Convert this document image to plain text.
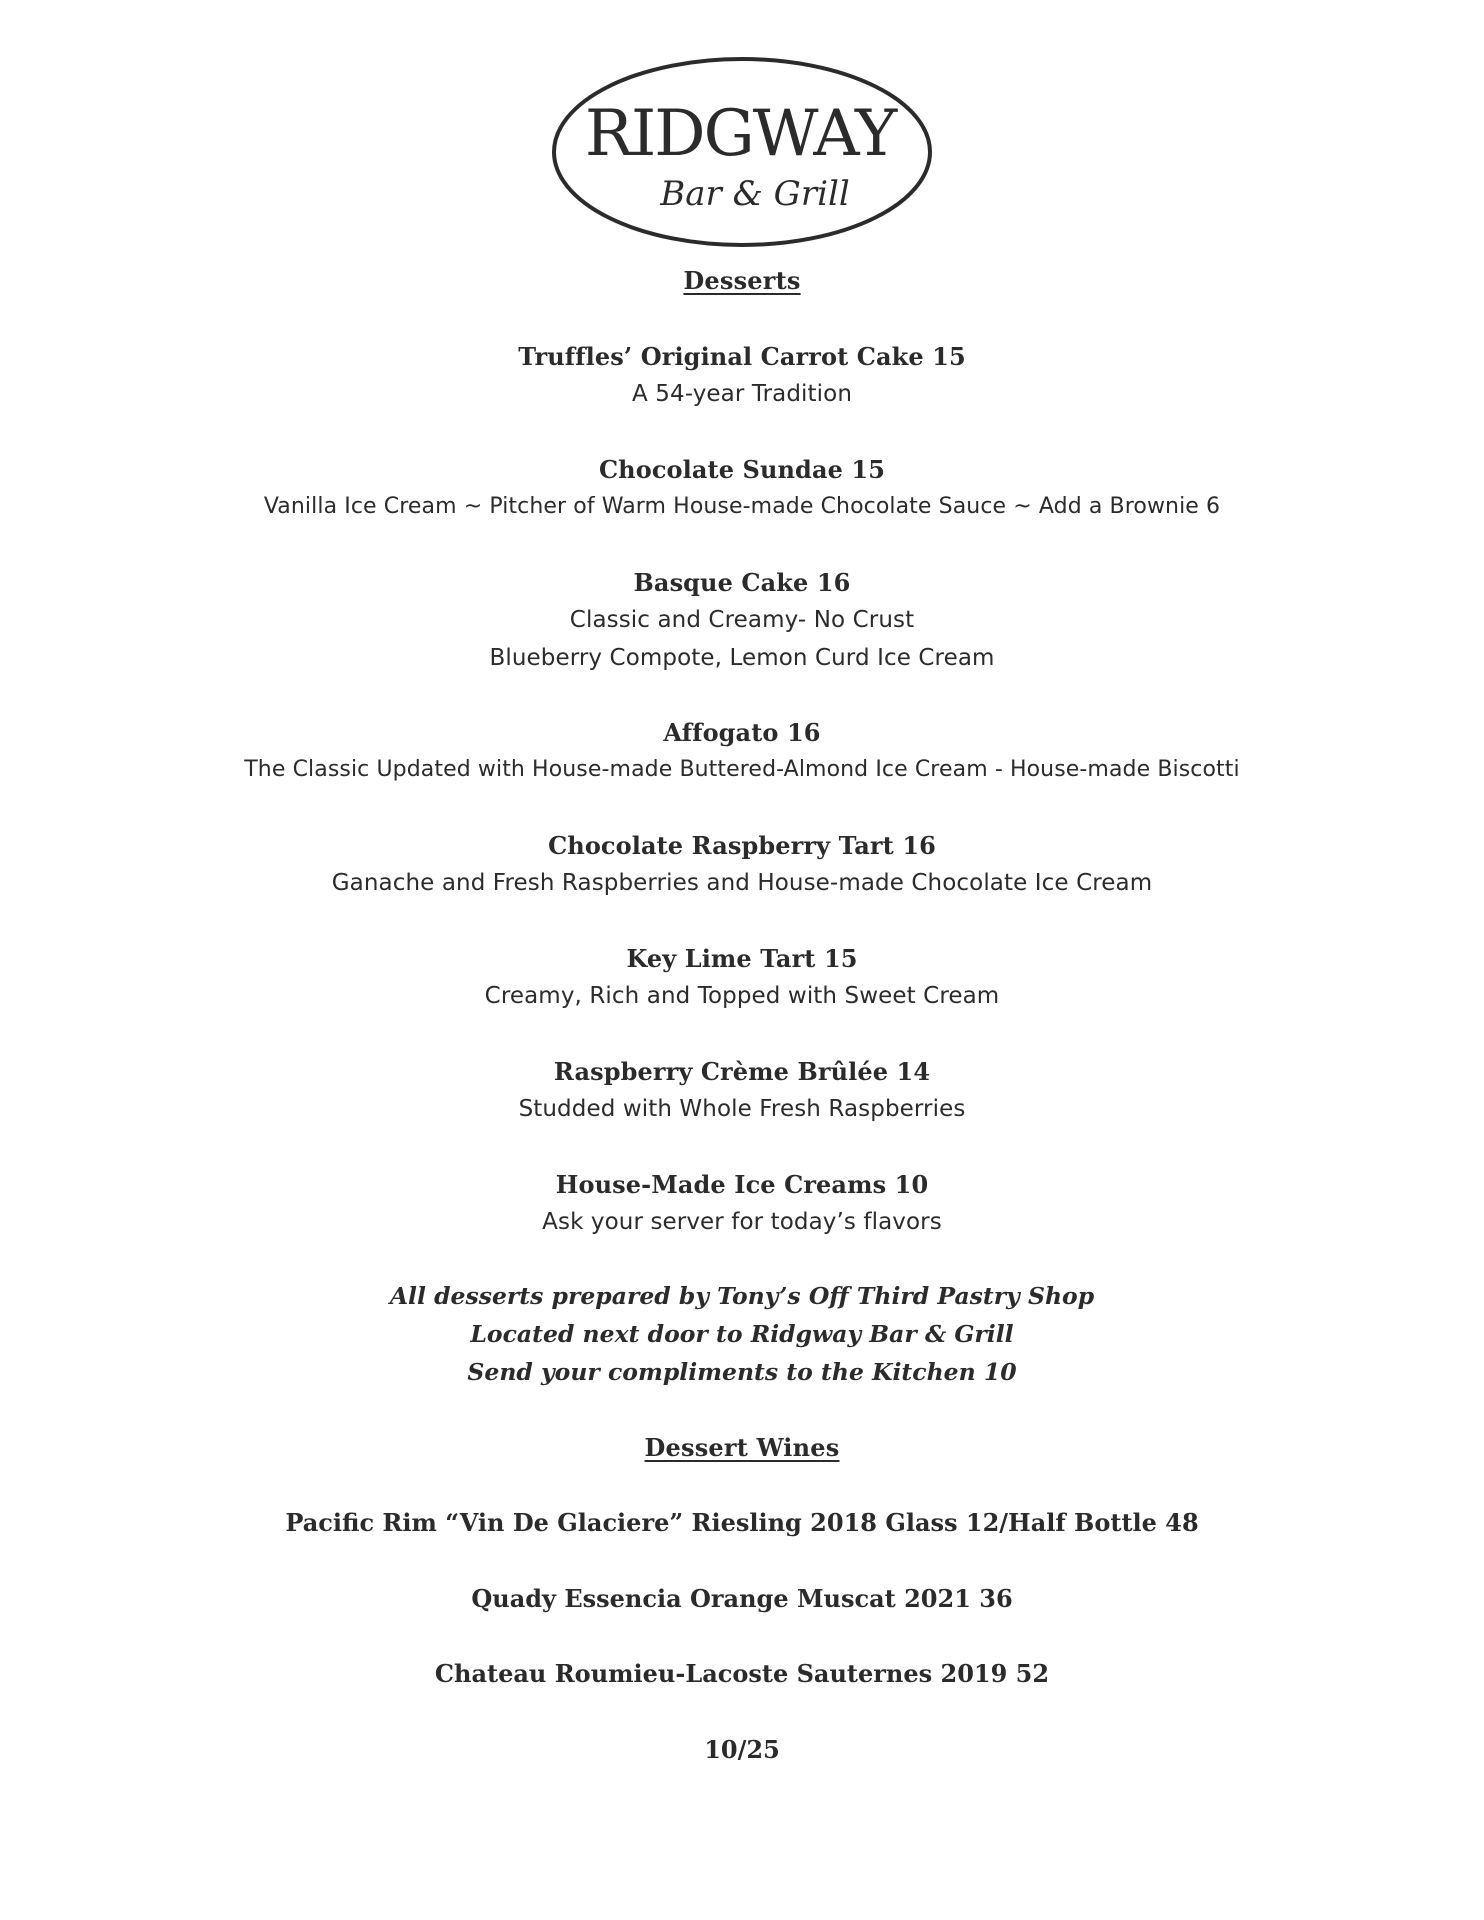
RIDGWAY
Bar & Grill
Desserts
Truffles’ Original Carrot Cake 15
A 54-year Tradition
Chocolate Sundae 15
Vanilla Ice Cream ~ Pitcher of Warm House-made Chocolate Sauce ~ Add a Brownie 6
Basque Cake 16
Classic and Creamy- No Crust
Blueberry Compote, Lemon Curd Ice Cream
Affogato 16
The Classic Updated with House-made Buttered-Almond Ice Cream - House-made Biscotti
Chocolate Raspberry Tart 16
Ganache and Fresh Raspberries and House-made Chocolate Ice Cream
Key Lime Tart 15
Creamy, Rich and Topped with Sweet Cream
Raspberry Crème Brûlée 14
Studded with Whole Fresh Raspberries
House-Made Ice Creams 10
Ask your server for today’s flavors
All desserts prepared by Tony’s Off Third Pastry Shop
Located next door to Ridgway Bar & Grill
Send your compliments to the Kitchen 10
Dessert Wines
Pacific Rim “Vin De Glaciere” Riesling 2018 Glass 12/Half Bottle 48
Quady Essencia Orange Muscat 2021 36
Chateau Roumieu-Lacoste Sauternes 2019 52
10/25
